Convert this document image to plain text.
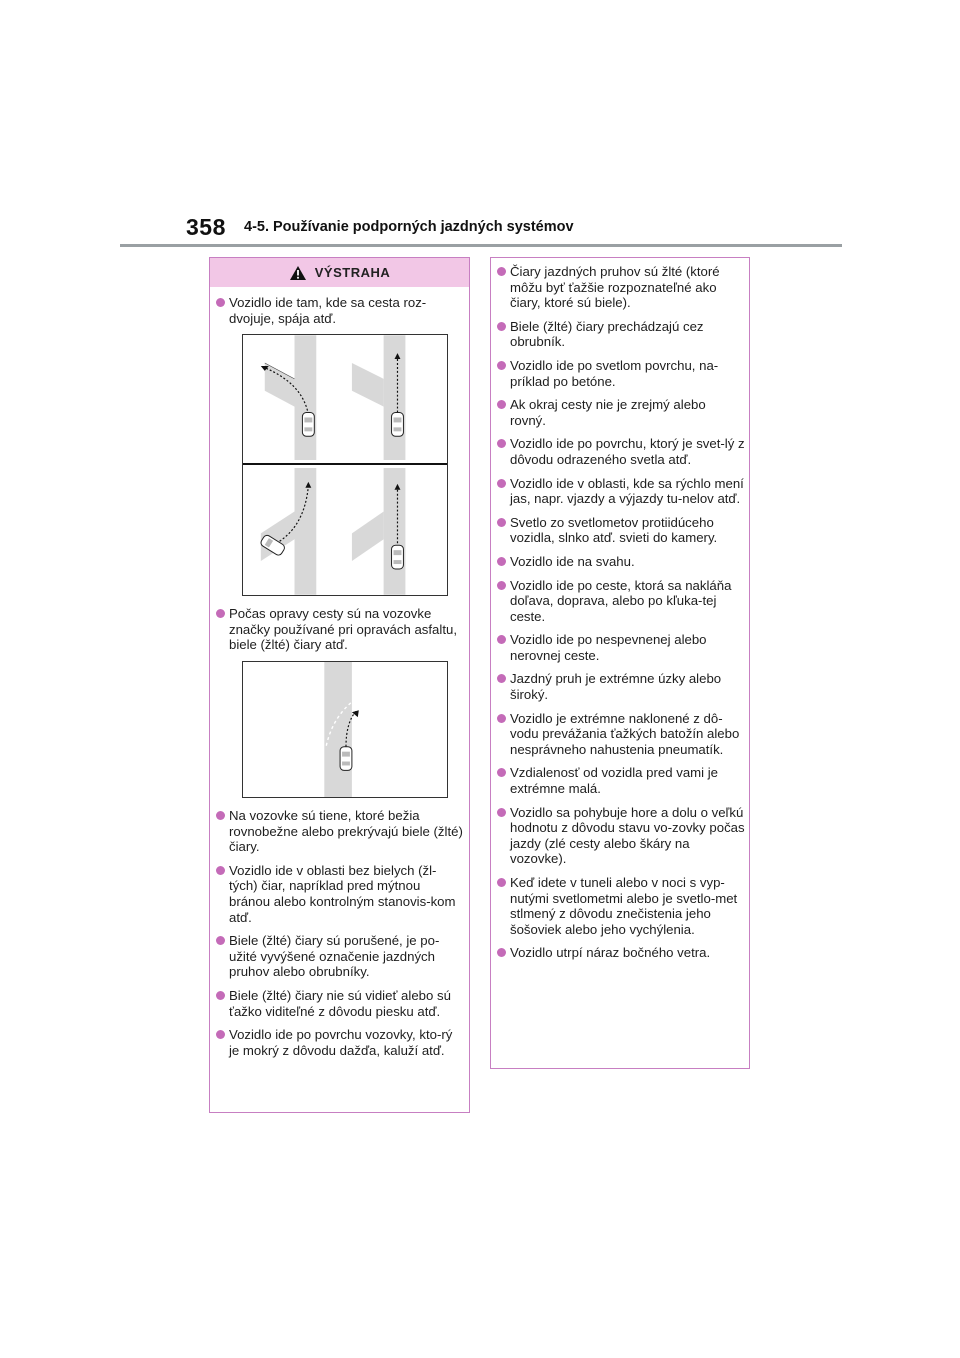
358 4-5. Používanie podporných jazdných systémov
VÝSTRAHA
Vozidlo ide tam, kde sa cesta roz-dvojuje, spája atď.
Počas opravy cesty sú na vozovke značky používané pri opravách asfaltu, biele (žlté) čiary atď.
Na vozovke sú tiene, ktoré bežia rovnobežne alebo prekrývajú biele (žlté) čiary.
Vozidlo ide v oblasti bez bielych (žl-tých) čiar, napríklad pred mýtnou bránou alebo kontrolným stanovis-kom atď.
Biele (žlté) čiary sú porušené, je po-užité vyvýšené označenie jazdných pruhov alebo obrubníky.
Biele (žlté) čiary nie sú vidieť alebo sú ťažko viditeľné z dôvodu piesku atď.
Vozidlo ide po povrchu vozovky, kto-rý je mokrý z dôvodu dažďa, kaluží atď.
Čiary jazdných pruhov sú žlté (ktoré môžu byť ťažšie rozpoznateľné ako čiary, ktoré sú biele).
Biele (žlté) čiary prechádzajú cez obrubník.
Vozidlo ide po svetlom povrchu, na-príklad po betóne.
Ak okraj cesty nie je zrejmý alebo rovný.
Vozidlo ide po povrchu, ktorý je svet-lý z dôvodu odrazeného svetla atď.
Vozidlo ide v oblasti, kde sa rýchlo mení jas, napr. vjazdy a výjazdy tu-nelov atď.
Svetlo zo svetlometov protiidúceho vozidla, slnko atď. svieti do kamery.
Vozidlo ide na svahu.
Vozidlo ide po ceste, ktorá sa nakláňa doľava, doprava, alebo po kľuka-tej ceste.
Vozidlo ide po nespevnenej alebo nerovnej ceste.
Jazdný pruh je extrémne úzky alebo široký.
Vozidlo je extrémne naklonené z dô-vodu prevážania ťažkých batožín alebo nesprávneho nahustenia pneumatík.
Vzdialenosť od vozidla pred vami je extrémne malá.
Vozidlo sa pohybuje hore a dolu o veľkú hodnotu z dôvodu stavu vo-zovky počas jazdy (zlé cesty alebo škáry na vozovke).
Keď idete v tuneli alebo v noci s vyp-nutými svetlometmi alebo je svetlo-met stlmený z dôvodu znečistenia jeho šošoviek alebo jeho vychýlenia.
Vozidlo utrpí náraz bočného vetra.
